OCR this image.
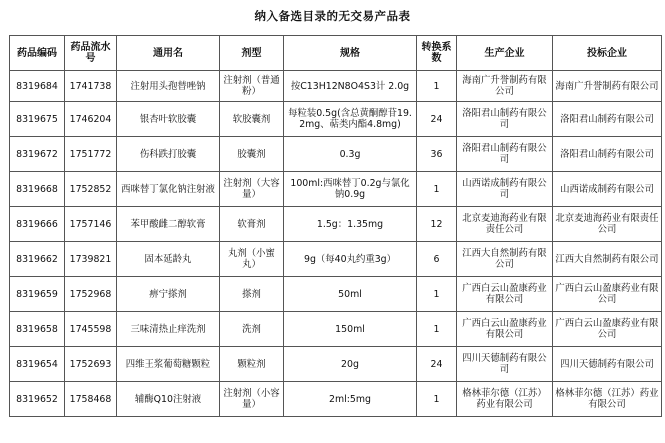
纳入备选目录的无交易产品表
药品编码	药品流水号	通用名	剂型	规格	转换系数	生产企业	投标企业
8319684	1741738	注射用头孢替唑钠	注射剂（普通粉）	按C13H12N8O4S3计 2.0g	1	海南广升誉制药有限公司	海南广升誉制药有限公司
8319675	1746204	银杏叶软胶囊	软胶囊剂	每粒装0.5g(含总黄酮醇苷19.2mg、萜类内酯4.8mg)	24	洛阳君山制药有限公司	洛阳君山制药有限公司
8319672	1751772	伤科跌打胶囊	胶囊剂	0.3g	36	洛阳君山制药有限公司	洛阳君山制药有限公司
8319668	1752852	西咪替丁氯化钠注射液	注射剂（大容量）	100ml:西咪替丁0.2g与氯化钠0.9g	1	山西诺成制药有限公司	山西诺成制药有限公司
8319666	1757146	苯甲酸雌二醇软膏	软膏剂	1.5g：1.35mg	12	北京麦迪海药业有限责任公司	北京麦迪海药业有限责任公司
8319662	1739821	固本延龄丸	丸剂（小蜜丸）	9g（每40丸约重3g）	6	江西大自然制药有限公司	江西大自然制药有限公司
8319659	1752968	痹宁搽剂	搽剂	50ml	1	广西白云山盈康药业有限公司	广西白云山盈康药业有限公司
8319658	1745598	三味清热止痒洗剂	洗剂	150ml	1	广西白云山盈康药业有限公司	广西白云山盈康药业有限公司
8319654	1752693	四维王浆葡萄糖颗粒	颗粒剂	20g	24	四川天德制药有限公司	四川天德制药有限公司
8319652	1758468	辅酶Q10注射液	注射剂（小容量）	2ml:5mg	1	格林菲尔德（江苏）药业有限公司	格林菲尔德（江苏）药业有限公司
